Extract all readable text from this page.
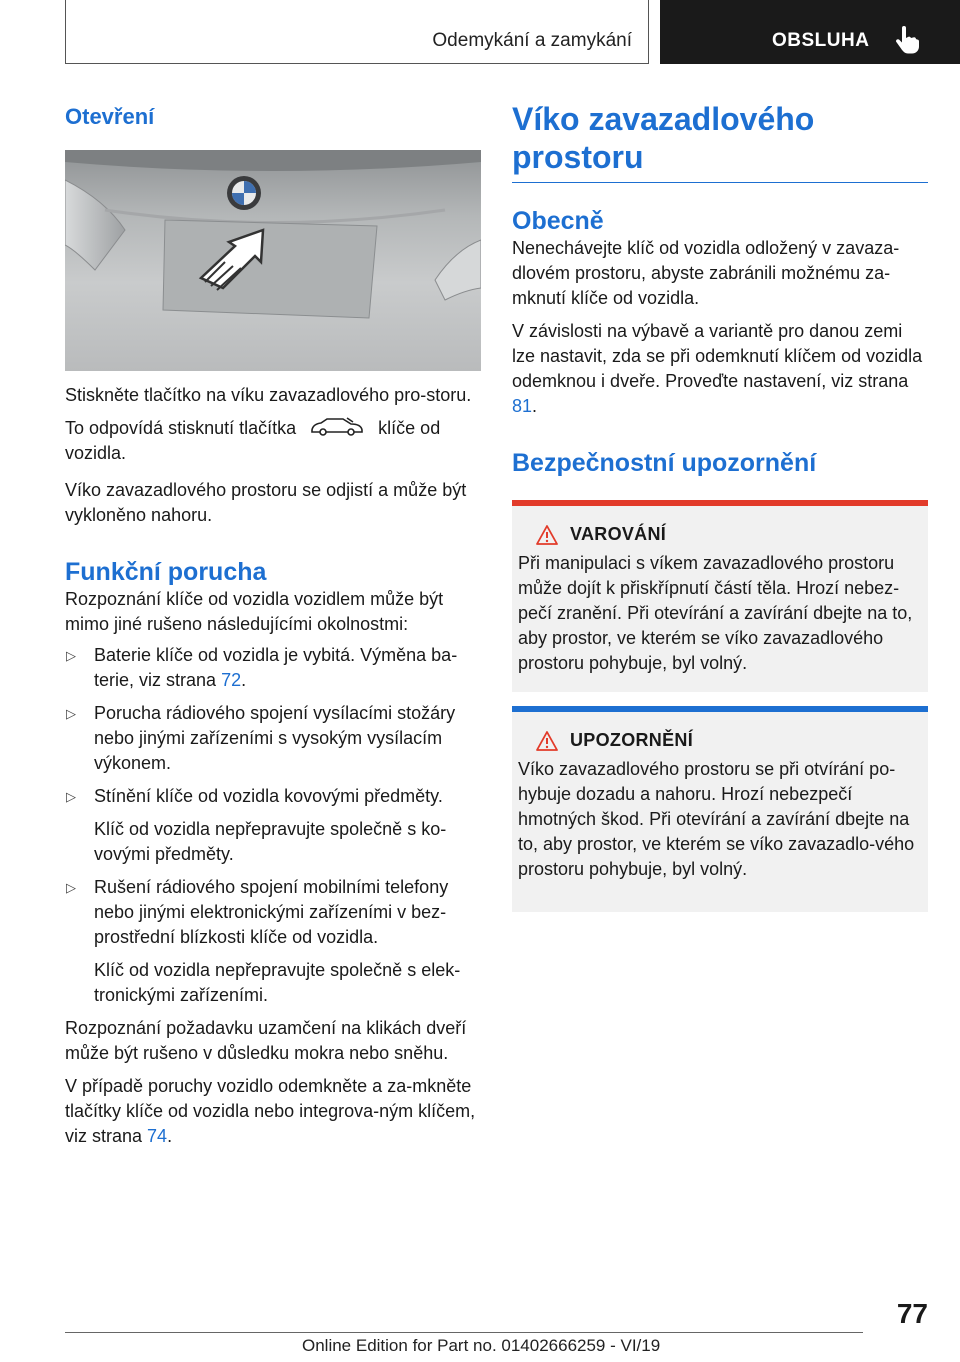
Odemykání a zamykání	OBSLUHA
Otevření

Stiskněte tlačítko na víku zavazadlového pro‐storu.

To odpovídá stisknutí tlačítka	klíče od vozidla.

Víko zavazadlového prostoru se odjistí a může být vykloněno nahoru.

Funkční porucha

Rozpoznání klíče od vozidla vozidlem může být mimo jiné rušeno následujícími okolnostmi:

▷ Baterie klíče od vozidla je vybitá. Výměna ba‐terie, viz strana 72.
▷ Porucha rádiového spojení vysílacími stožáry nebo jinými zařízeními s vysokým vysílacím výkonem.
▷ Stínění klíče od vozidla kovovými předměty.

Klíč od vozidla nepřepravujte společně s ko‐vovými předměty.

▷ Rušení rádiového spojení mobilními telefony nebo jinými elektronickými zařízeními v bez‐prostřední blízkosti klíče od vozidla.

Klíč od vozidla nepřepravujte společně s elek‐tronickými zařízeními.

Rozpoznání požadavku uzamčení na klikách dveří může být rušeno v důsledku mokra nebo sněhu.

V případě poruchy vozidlo odemkněte a za‐mkněte tlačítky klíče od vozidla nebo integrova‐ným klíčem, viz strana 74.

Víko zavazadlového prostoru
Obecně

Nenechávejte klíč od vozidla odložený v zavaza‐dlovém prostoru, abyste zabránili možnému za‐mknutí klíče od vozidla.

V závislosti na výbavě a variantě pro danou zemi lze nastavit, zda se při odemknutí klíčem od vozidla odemknou i dveře. Proveďte nastavení, viz strana 81.

Bezpečnostní upozornění
VAROVÁNÍ

Při manipulaci s víkem zavazadlového prostoru může dojít k přiskřípnutí částí těla. Hrozí nebez‐pečí zranění. Při otevírání a zavírání dbejte na to, aby prostor, ve kterém se víko zavazadlového prostoru pohybuje, byl volný.

UPOZORNĚNÍ

Víko zavazadlového prostoru se při otvírání po‐hybuje dozadu a nahoru. Hrozí nebezpečí hmotných škod. Při otevírání a zavírání dbejte na to, aby prostor, ve kterém se víko zavazadlo‐vého prostoru pohybuje, byl volný.

77
Online Edition for Part no. 01402666259 - VI/19
